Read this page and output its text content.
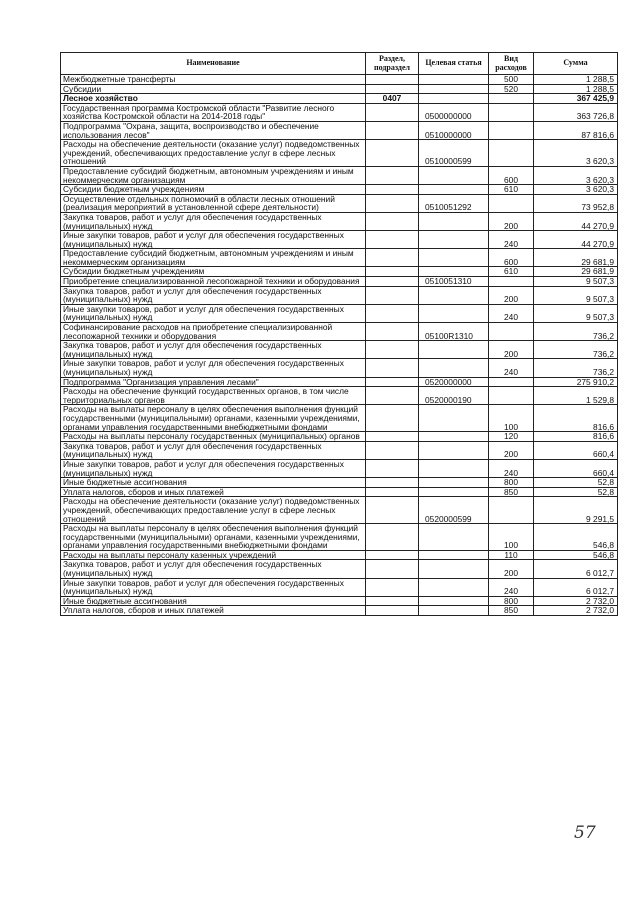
Наименование	Раздел, подраздел	Целевая статья	Вид расходов	Сумма
Межбюджетные трансферты			500	1 288,5
Субсидии			520	1 288,5
Лесное хозяйство	0407			367 425,9
Государственная программа Костромской области "Развитие лесного хозяйства Костромской области на 2014-2018 годы"		0500000000		363 726,8
Подпрограмма "Охрана, защита, воспроизводство и обеспечение использования лесов"		0510000000		87 816,6
Расходы на обеспечение деятельности (оказание услуг) подведомственных учреждений, обеспечивающих предоставление услуг в сфере лесных отношений		0510000599		3 620,3
Предоставление субсидий бюджетным, автономным учреждениям и иным некоммерческим организациям			600	3 620,3
Субсидии бюджетным учреждениям			610	3 620,3
Осуществление отдельных полномочий в области лесных отношений (реализация мероприятий в установленной сфере деятельности)		0510051292		73 952,8
Закупка товаров, работ и услуг для обеспечения государственных (муниципальных) нужд			200	44 270,9
Иные закупки товаров, работ и услуг для обеспечения государственных (муниципальных) нужд			240	44 270,9
Предоставление субсидий бюджетным, автономным учреждениям и иным некоммерческим организациям			600	29 681,9
Субсидии бюджетным учреждениям			610	29 681,9
Приобретение специализированной лесопожарной техники и оборудования		0510051310		9 507,3
Закупка товаров, работ и услуг для обеспечения государственных (муниципальных) нужд			200	9 507,3
Иные закупки товаров, работ и услуг для обеспечения государственных (муниципальных) нужд			240	9 507,3
Софинансирование расходов на приобретение специализированной лесопожарной техники и оборудования		05100R1310		736,2
Закупка товаров, работ и услуг для обеспечения государственных (муниципальных) нужд			200	736,2
Иные закупки товаров, работ и услуг для обеспечения государственных (муниципальных) нужд			240	736,2
Подпрограмма "Организация управления лесами"		0520000000		275 910,2
Расходы на обеспечение функций государственных органов, в том числе территориальных органов		0520000190		1 529,8
Расходы на выплаты персоналу в целях обеспечения выполнения функций государственными (муниципальными) органами, казенными учреждениями, органами управления государственными внебюджетными фондами			100	816,6
Расходы на выплаты персоналу государственных (муниципальных) органов			120	816,6
Закупка товаров, работ и услуг для обеспечения государственных (муниципальных) нужд			200	660,4
Иные закупки товаров, работ и услуг для обеспечения государственных (муниципальных) нужд			240	660,4
Иные бюджетные ассигнования			800	52,8
Уплата налогов, сборов и иных платежей			850	52,8
Расходы на обеспечение деятельности (оказание услуг) подведомственных учреждений, обеспечивающих предоставление услуг в сфере лесных отношений		0520000599		9 291,5
Расходы на выплаты персоналу в целях обеспечения выполнения функций государственными (муниципальными) органами, казенными учреждениями, органами управления государственными внебюджетными фондами			100	546,8
Расходы на выплаты персоналу казенных учреждений			110	546,8
Закупка товаров, работ и услуг для обеспечения государственных (муниципальных) нужд			200	6 012,7
Иные закупки товаров, работ и услуг для обеспечения государственных (муниципальных) нужд			240	6 012,7
Иные бюджетные ассигнования			800	2 732,0
Уплата налогов, сборов и иных платежей			850	2 732,0
57
